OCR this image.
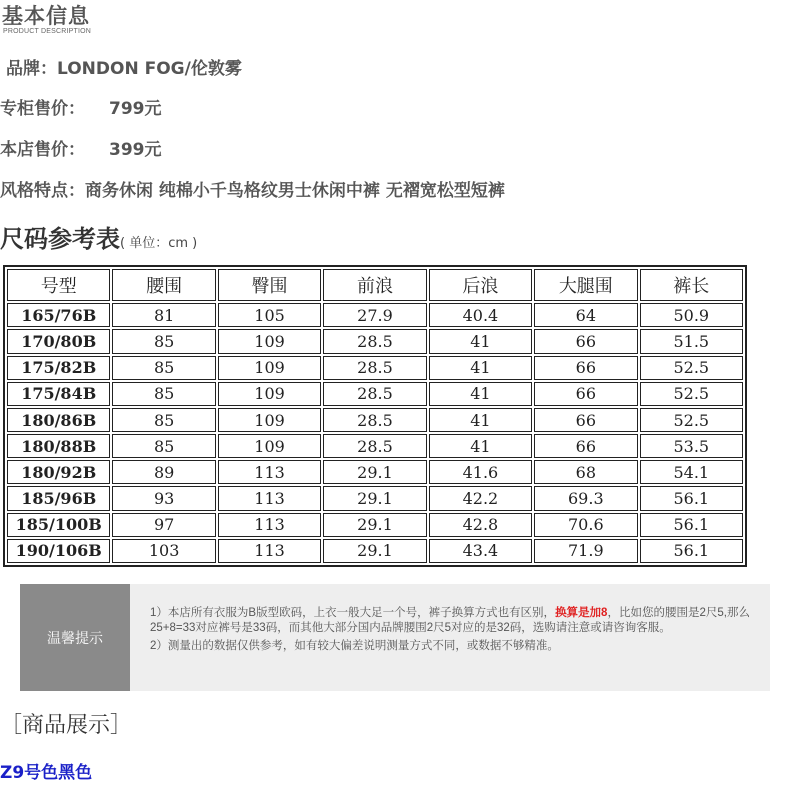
基本信息
PRODUCT DESCRIPTION
品牌：LONDON FOG/伦敦雾
专柜售价： 799元
本店售价： 399元
风格特点：商务休闲 纯棉小千鸟格纹男士休闲中裤 无褶宽松型短裤
尺码参考表( 单位：cm )
号型	腰围	臀围	前浪	后浪	大腿围	裤长
165/76B	81	105	27.9	40.4	64	50.9
170/80B	85	109	28.5	41	66	51.5
175/82B	85	109	28.5	41	66	52.5
175/84B	85	109	28.5	41	66	52.5
180/86B	85	109	28.5	41	66	52.5
180/88B	85	109	28.5	41	66	53.5
180/92B	89	113	29.1	41.6	68	54.1
185/96B	93	113	29.1	42.2	69.3	56.1
185/100B	97	113	29.1	42.8	70.6	56.1
190/106B	103	113	29.1	43.4	71.9	56.1
温馨提示
1）本店所有衣服为B版型欧码，上衣一般大足一个号，裤子换算方式也有区别，换算是加8，比如您的腰围是2尺5,那么25+8=33对应裤号是33码，而其他大部分国内品牌腰围2尺5对应的是32码，选购请注意或请咨询客服。
2）测量出的数据仅供参考，如有较大偏差说明测量方式不同，或数据不够精准。
［商品展示］
Z9号色黑色
